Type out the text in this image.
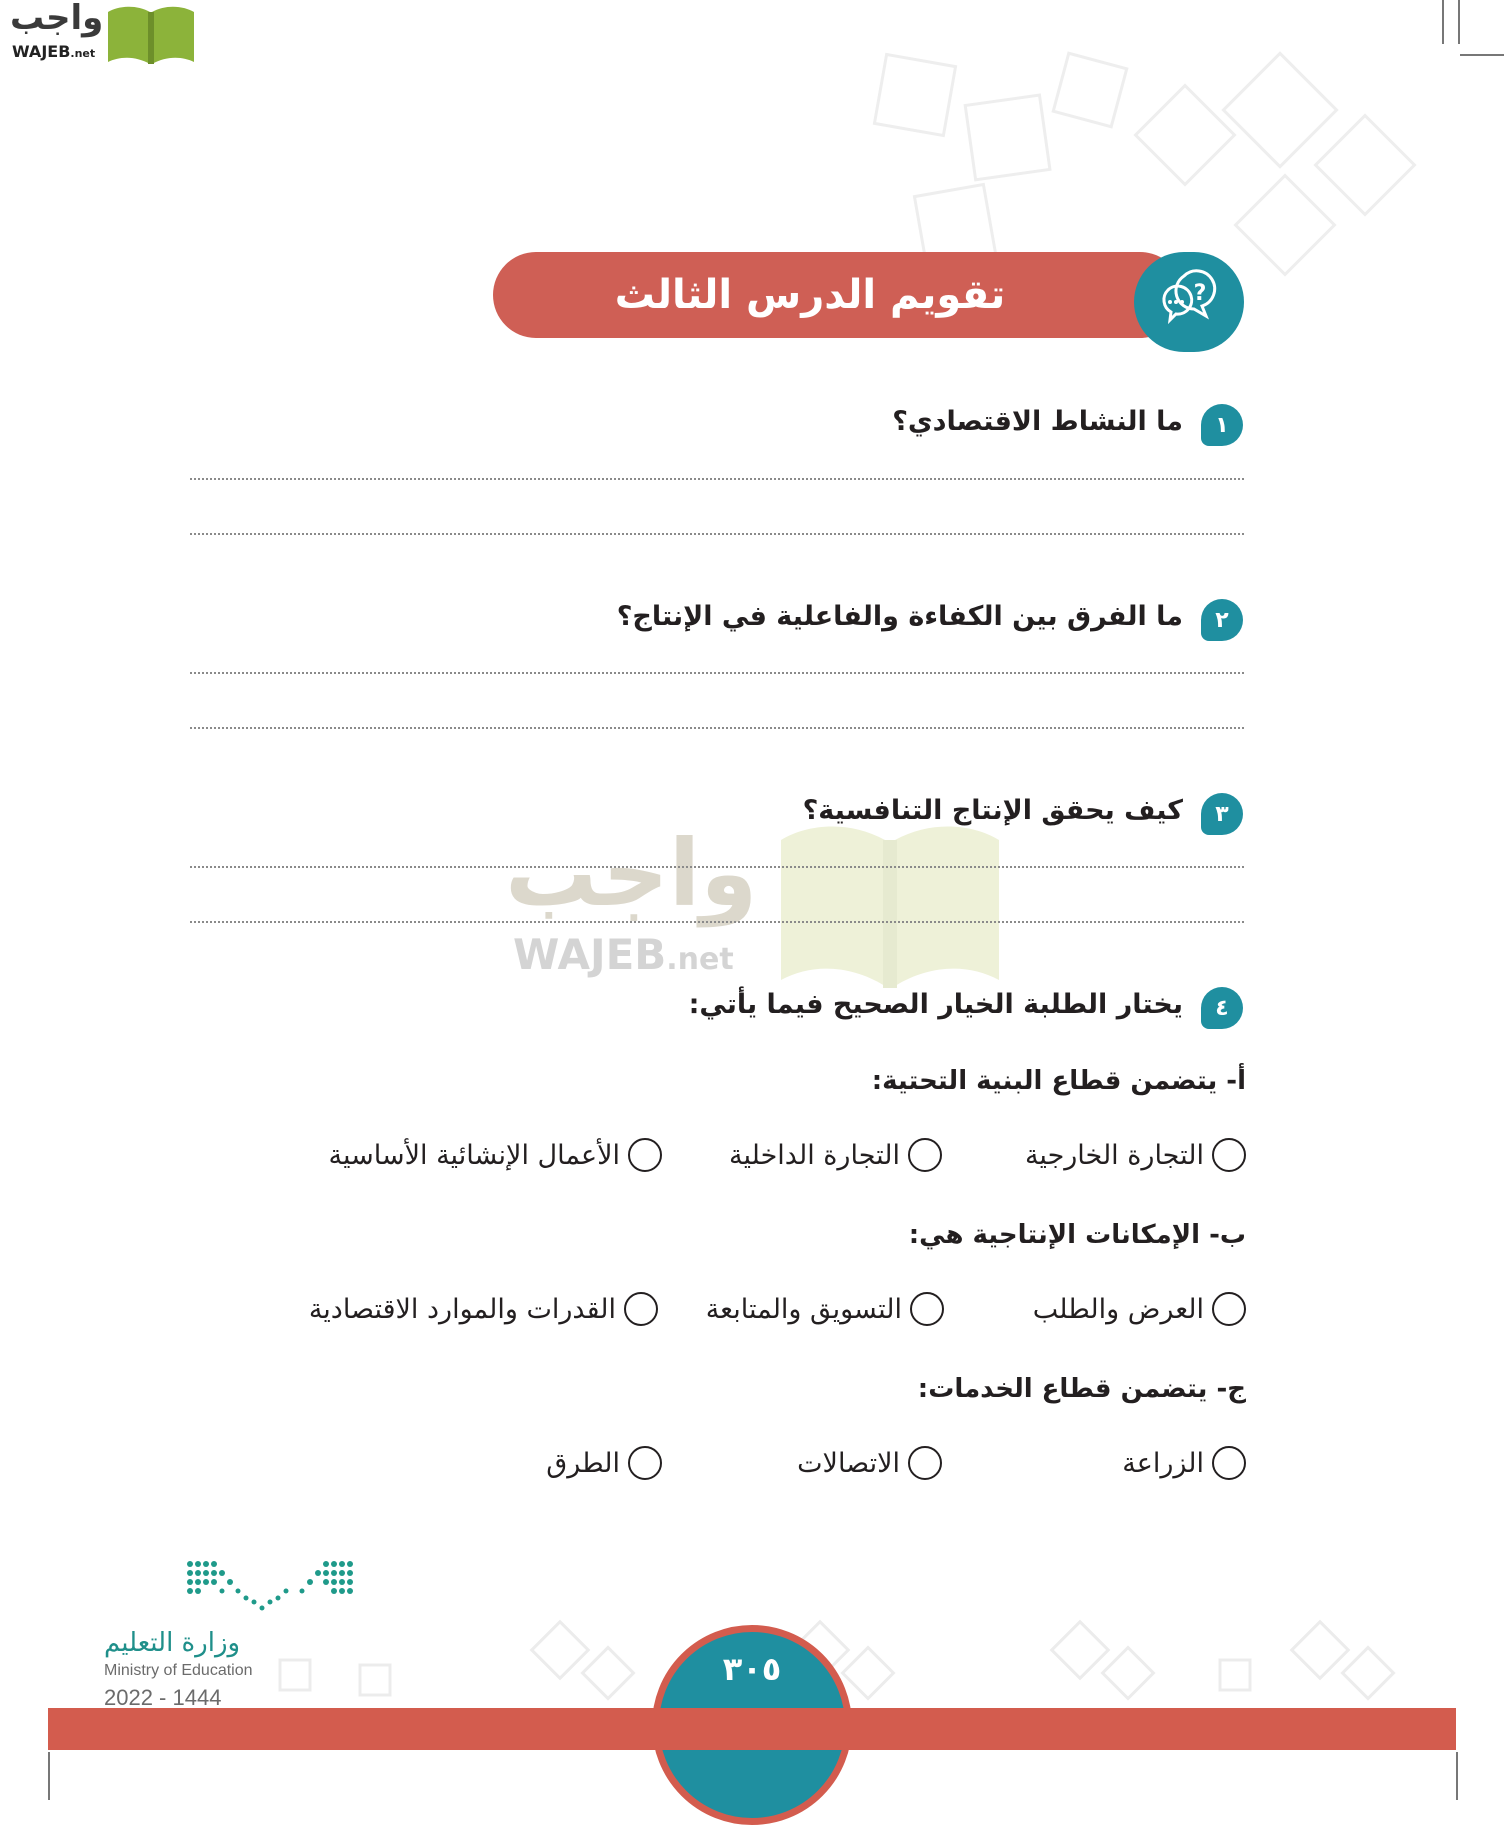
واجب
WAJEB.net
تقويم الدرس الثالث والثلاثين
?
واجب
WAJEB.net
ما النشاط الاقتصادي؟	١
ما الفرق بين الكفاءة والفاعلية في الإنتاج؟	٢
كيف يحقق الإنتاج التنافسية؟	٣
يختار الطلبة الخيار الصحيح فيما يأتي:	٤
أ- يتضمن قطاع البنية التحتية:
التجارة الخارجية
التجارة الداخلية
الأعمال الإنشائية الأساسية
ب- الإمكانات الإنتاجية هي:
العرض والطلب
التسويق والمتابعة
القدرات والموارد الاقتصادية
ج- يتضمن قطاع الخدمات:
الزراعة
الاتصالات
الطرق
٣٠٥
وزارة التعليم
Ministry of Education
2022 - 1444
